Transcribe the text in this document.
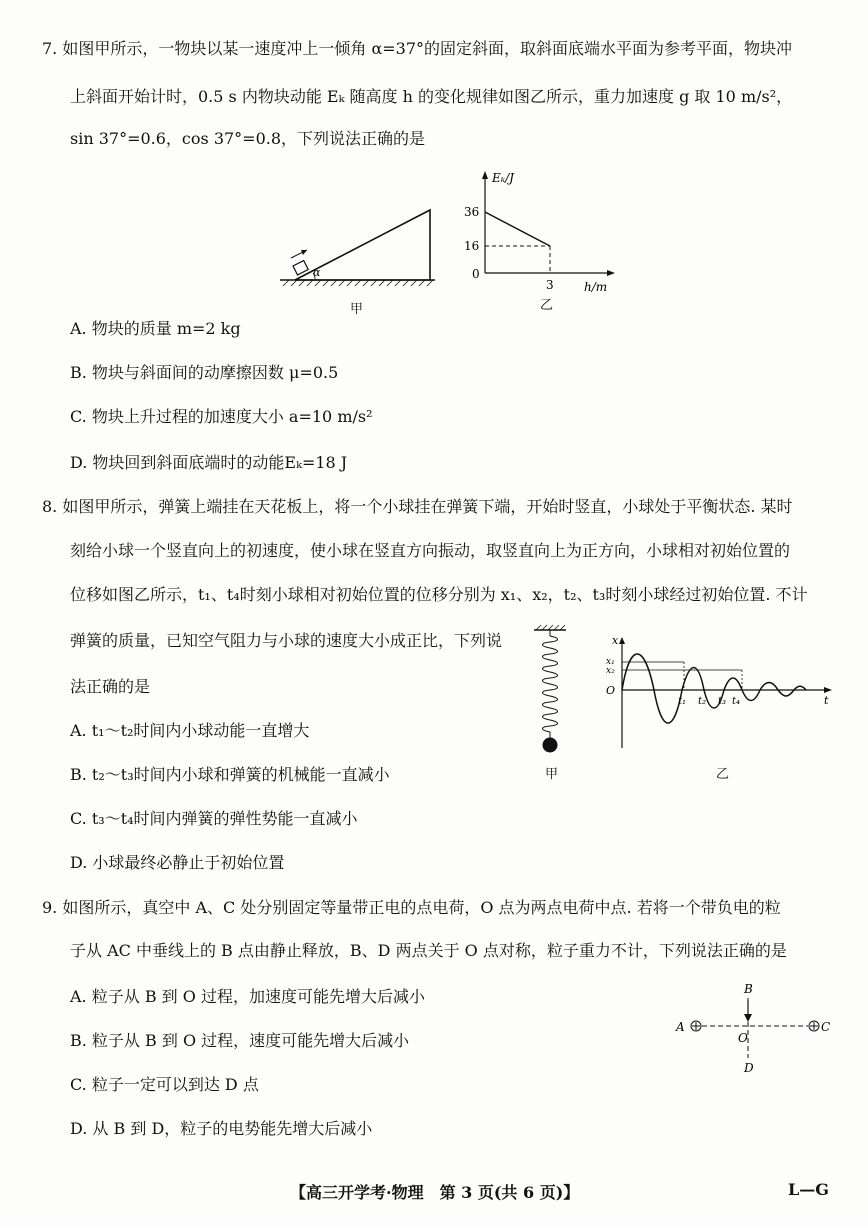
7. 如图甲所示，一物块以某一速度冲上一倾角 α=37°的固定斜面，取斜面底端水平面为参考平面，物块冲
上斜面开始计时，0.5 s 内物块动能 Eₖ 随高度 h 的变化规律如图乙所示，重力加速度 g 取 10 m/s²，
sin 37°=0.6，cos 37°=0.8，下列说法正确的是
α
甲
Eₖ/J
36
16
0
3	h/m
乙
A. 物块的质量 m=2 kg
B. 物块与斜面间的动摩擦因数 μ=0.5
C. 物块上升过程的加速度大小 a=10 m/s²
D. 物块回到斜面底端时的动能Eₖ=18 J
8. 如图甲所示，弹簧上端挂在天花板上，将一个小球挂在弹簧下端，开始时竖直，小球处于平衡状态. 某时
刻给小球一个竖直向上的初速度，使小球在竖直方向振动，取竖直向上为正方向，小球相对初始位置的
位移如图乙所示，t₁、t₄时刻小球相对初始位置的位移分别为 x₁、x₂，t₂、t₃时刻小球经过初始位置. 不计
弹簧的质量，已知空气阻力与小球的速度大小成正比，下列说
法正确的是
甲
x
x₁
x₂
O
t₁ t₂ t₃ t₄	t
乙
A. t₁～t₂时间内小球动能一直增大
B. t₂～t₃时间内小球和弹簧的机械能一直减小
C. t₃～t₄时间内弹簧的弹性势能一直减小
D. 小球最终必静止于初始位置
9. 如图所示，真空中 A、C 处分别固定等量带正电的点电荷，O 点为两点电荷中点. 若将一个带负电的粒
子从 AC 中垂线上的 B 点由静止释放，B、D 两点关于 O 点对称，粒子重力不计，下列说法正确的是
A	C
B
O
D
A. 粒子从 B 到 O 过程，加速度可能先增大后减小
B. 粒子从 B 到 O 过程，速度可能先增大后减小
C. 粒子一定可以到达 D 点
D. 从 B 到 D，粒子的电势能先增大后减小
【高三开学考·物理　第 3 页(共 6 页)】	L—G
